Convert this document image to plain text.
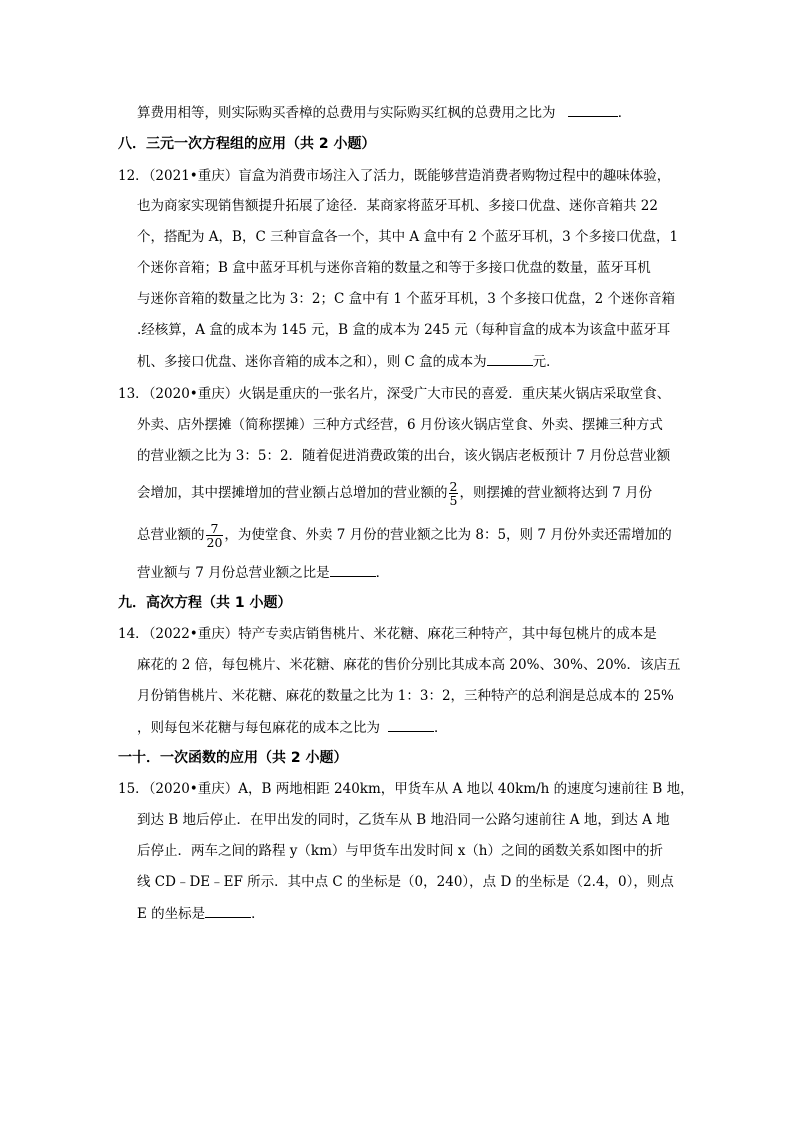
算费用相等，则实际购买香樟的总费用与实际购买红枫的总费用之比为	．
八．三元一次方程组的应用（共 2 小题）
12．（2021•重庆）盲盒为消费市场注入了活力，既能够营造消费者购物过程中的趣味体验，
也为商家实现销售额提升拓展了途径．某商家将蓝牙耳机、多接口优盘、迷你音箱共 22
个，搭配为 A，B，C 三种盲盒各一个，其中 A 盒中有 2 个蓝牙耳机，3 个多接口优盘，1
个迷你音箱；B 盒中蓝牙耳机与迷你音箱的数量之和等于多接口优盘的数量，蓝牙耳机
与迷你音箱的数量之比为 3：2；C 盒中有 1 个蓝牙耳机，3 个多接口优盘，2 个迷你音箱
.经核算，A 盒的成本为 145 元，B 盒的成本为 245 元（每种盲盒的成本为该盒中蓝牙耳
机、多接口优盘、迷你音箱的成本之和），则 C 盒的成本为	元．
13．（2020•重庆）火锅是重庆的一张名片，深受广大市民的喜爱．重庆某火锅店采取堂食、
外卖、店外摆摊（简称摆摊）三种方式经营，6 月份该火锅店堂食、外卖、摆摊三种方式
的营业额之比为 3：5：2．随着促进消费政策的出台，该火锅店老板预计 7 月份总营业额
会增加，其中摆摊增加的营业额占总增加的营业额的 $\frac{2}{5}$ ，则摆摊的营业额将达到 7 月份
总营业额的 $\frac{7}{20}$ ，为使堂食、外卖 7 月份的营业额之比为 8：5，则 7 月份外卖还需增加的
营业额与 7 月份总营业额之比是	．
九．高次方程（共 1 小题）
14．（2022•重庆）特产专卖店销售桃片、米花糖、麻花三种特产，其中每包桃片的成本是
麻花的 2 倍，每包桃片、米花糖、麻花的售价分别比其成本高 20%、30%、20%．该店五
月份销售桃片、米花糖、麻花的数量之比为 1：3：2，三种特产的总利润是总成本的 25%
，则每包米花糖与每包麻花的成本之比为	．
一十．一次函数的应用（共 2 小题）
15．（2020•重庆）A，B 两地相距 240km，甲货车从 A 地以 40km/h 的速度匀速前往 B 地，
到达 B 地后停止．在甲出发的同时，乙货车从 B 地沿同一公路匀速前往 A 地，到达 A 地
后停止．两车之间的路程 y（km）与甲货车出发时间 x（h）之间的函数关系如图中的折
线 CD﹣DE﹣EF 所示．其中点 C 的坐标是（0，240），点 D 的坐标是（2.4，0），则点
E 的坐标是	．
